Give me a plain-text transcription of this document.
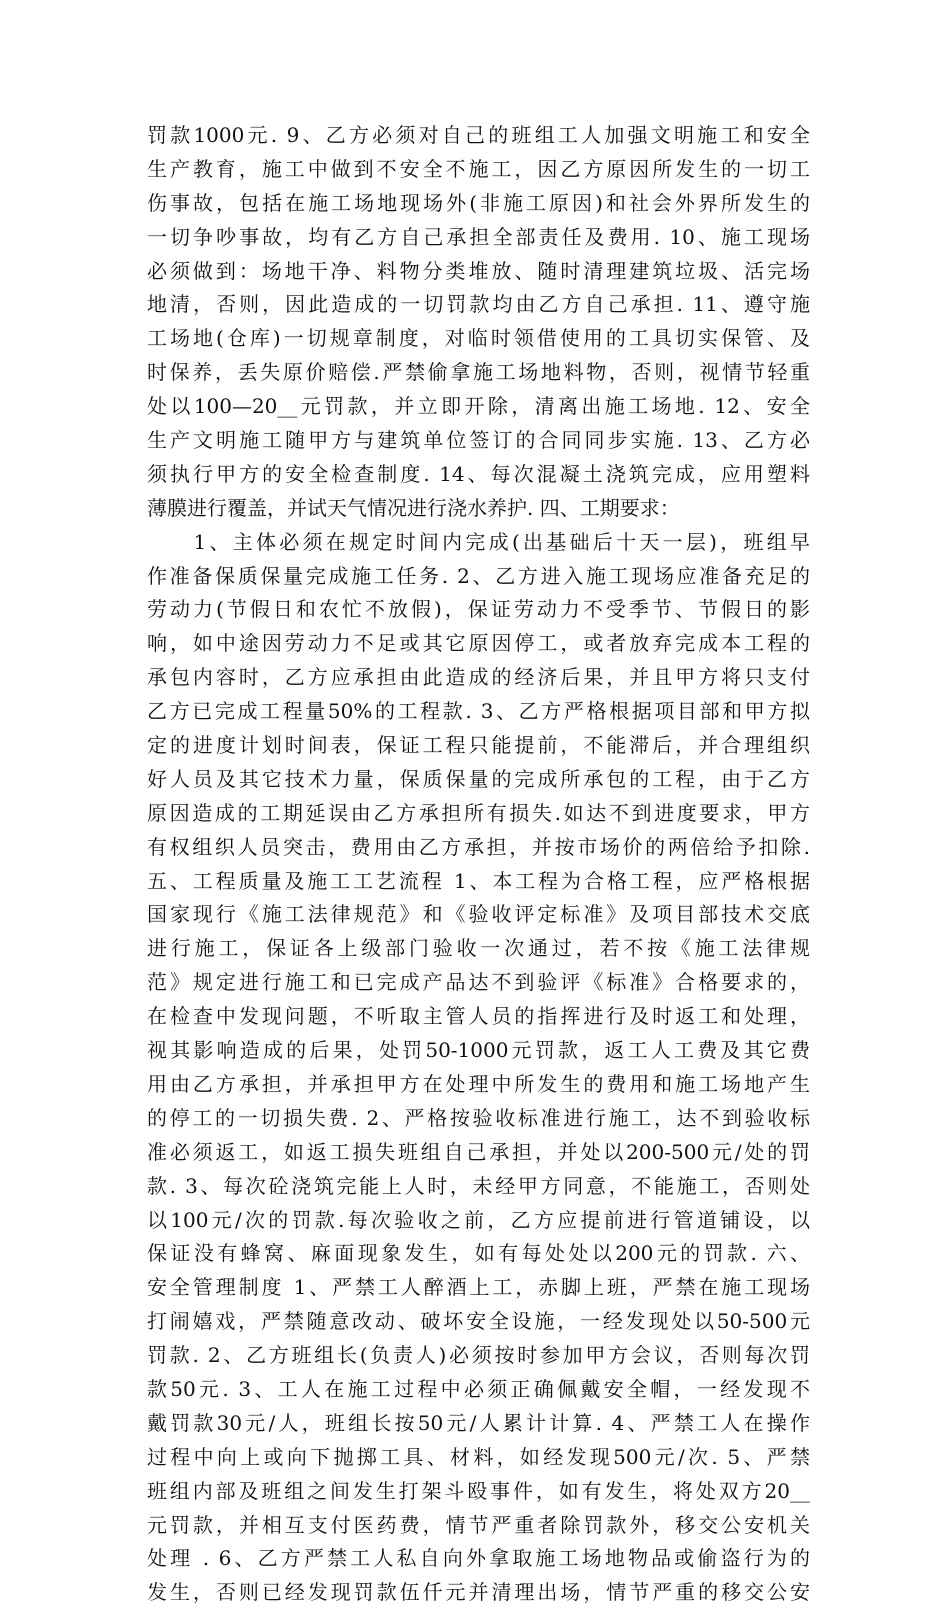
罚款1000元. 9、乙方必须对自己的班组工人加强文明施工和安全
生产教育，施工中做到不安全不施工，因乙方原因所发生的一切工
伤事故，包括在施工场地现场外(非施工原因)和社会外界所发生的
一切争吵事故，均有乙方自己承担全部责任及费用. 10、施工现场
必须做到：场地干净、料物分类堆放、随时清理建筑垃圾、活完场
地清，否则，因此造成的一切罚款均由乙方自己承担. 11、遵守施
工场地(仓库)一切规章制度，对临时领借使用的工具切实保管、及
时保养，丢失原价赔偿.严禁偷拿施工场地料物，否则，视情节轻重
处以100—20__元罚款，并立即开除，清离出施工场地. 12、安全
生产文明施工随甲方与建筑单位签订的合同同步实施. 13、乙方必
须执行甲方的安全检查制度. 14、每次混凝土浇筑完成，应用塑料
薄膜进行覆盖，并试天气情况进行浇水养护. 四、工期要求：
　　1、主体必须在规定时间内完成(出基础后十天一层)，班组早
作准备保质保量完成施工任务. 2、乙方进入施工现场应准备充足的
劳动力(节假日和农忙不放假)，保证劳动力不受季节、节假日的影
响，如中途因劳动力不足或其它原因停工，或者放弃完成本工程的
承包内容时，乙方应承担由此造成的经济后果，并且甲方将只支付
乙方已完成工程量50%的工程款. 3、乙方严格根据项目部和甲方拟
定的进度计划时间表，保证工程只能提前，不能滞后，并合理组织
好人员及其它技术力量，保质保量的完成所承包的工程，由于乙方
原因造成的工期延误由乙方承担所有损失.如达不到进度要求，甲方
有权组织人员突击，费用由乙方承担，并按市场价的两倍给予扣除.
五、工程质量及施工工艺流程 1、本工程为合格工程，应严格根据
国家现行《施工法律规范》和《验收评定标准》及项目部技术交底
进行施工，保证各上级部门验收一次通过，若不按《施工法律规
范》规定进行施工和已完成产品达不到验评《标准》合格要求的，
在检查中发现问题，不听取主管人员的指挥进行及时返工和处理，
视其影响造成的后果，处罚50-1000元罚款，返工人工费及其它费
用由乙方承担，并承担甲方在处理中所发生的费用和施工场地产生
的停工的一切损失费. 2、严格按验收标准进行施工，达不到验收标
准必须返工，如返工损失班组自己承担，并处以200-500元/处的罚
款. 3、每次砼浇筑完能上人时，未经甲方同意，不能施工，否则处
以100元/次的罚款.每次验收之前，乙方应提前进行管道铺设，以
保证没有蜂窝、麻面现象发生，如有每处处以200元的罚款. 六、
安全管理制度 1、严禁工人醉酒上工，赤脚上班，严禁在施工现场
打闹嬉戏，严禁随意改动、破坏安全设施，一经发现处以50-500元
罚款. 2、乙方班组长(负责人)必须按时参加甲方会议，否则每次罚
款50元. 3、工人在施工过程中必须正确佩戴安全帽，一经发现不
戴罚款30元/人，班组长按50元/人累计计算. 4、严禁工人在操作
过程中向上或向下抛掷工具、材料，如经发现500元/次. 5、严禁
班组内部及班组之间发生打架斗殴事件，如有发生，将处双方20__
元罚款，并相互支付医药费，情节严重者除罚款外，移交公安机关
处理 . 6、乙方严禁工人私自向外拿取施工场地物品或偷盗行为的
发生，否则已经发现罚款伍仟元并清理出场，情节严重的移交公安
